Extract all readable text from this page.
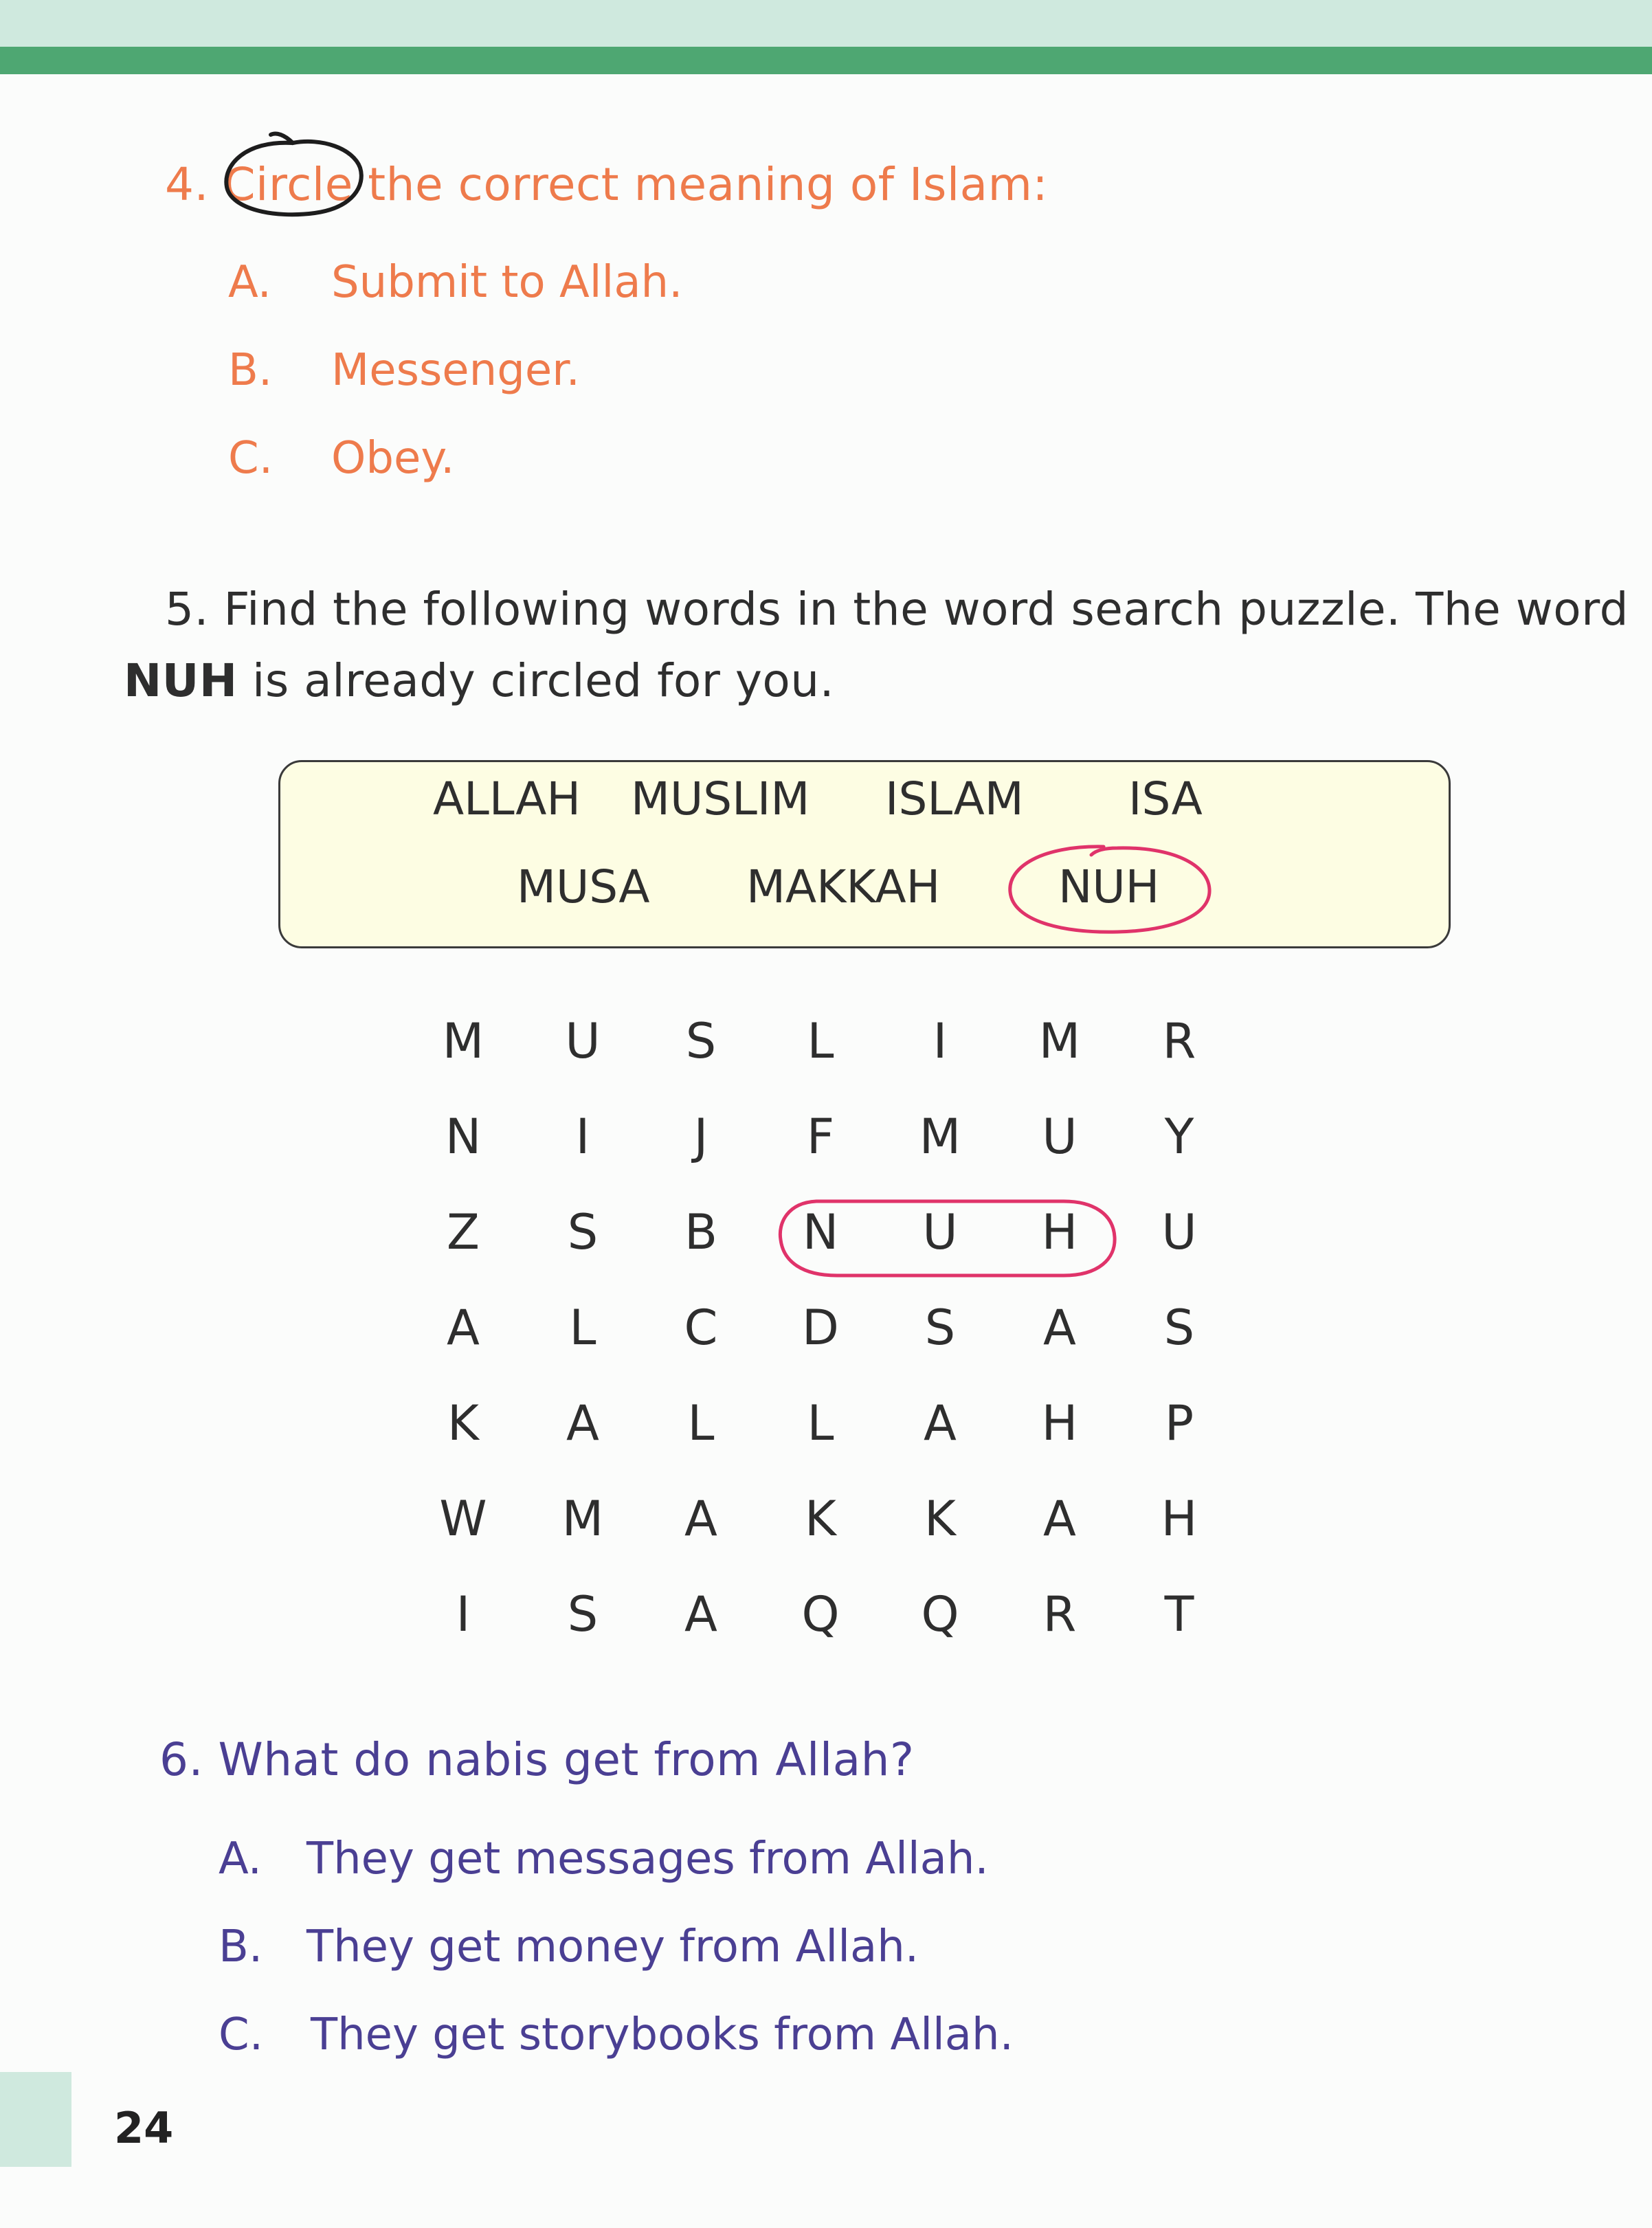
4. Circle the correct meaning of Islam:

A. Submit to Allah.
B. Messenger.
C. Obey.

5. Find the following words in the word search puzzle. The word

NUH is already circled for you.

ALLAH MUSLIM ISLAM ISA
MUSA MAKKAH	NUH
M	U	S	L	I	M	R
N	I	J	F	M	U	Y
Z	S	B	N	U	H	U
A	L	C	D	S	A	S
K	A	L	L	A	H	P
W	M	A	K	K	A	H
I	S	A	Q	Q	R	T

6. What do nabis get from Allah?

A. They get messages from Allah.
B. They get money from Allah.
C. They get storybooks from Allah.
24
